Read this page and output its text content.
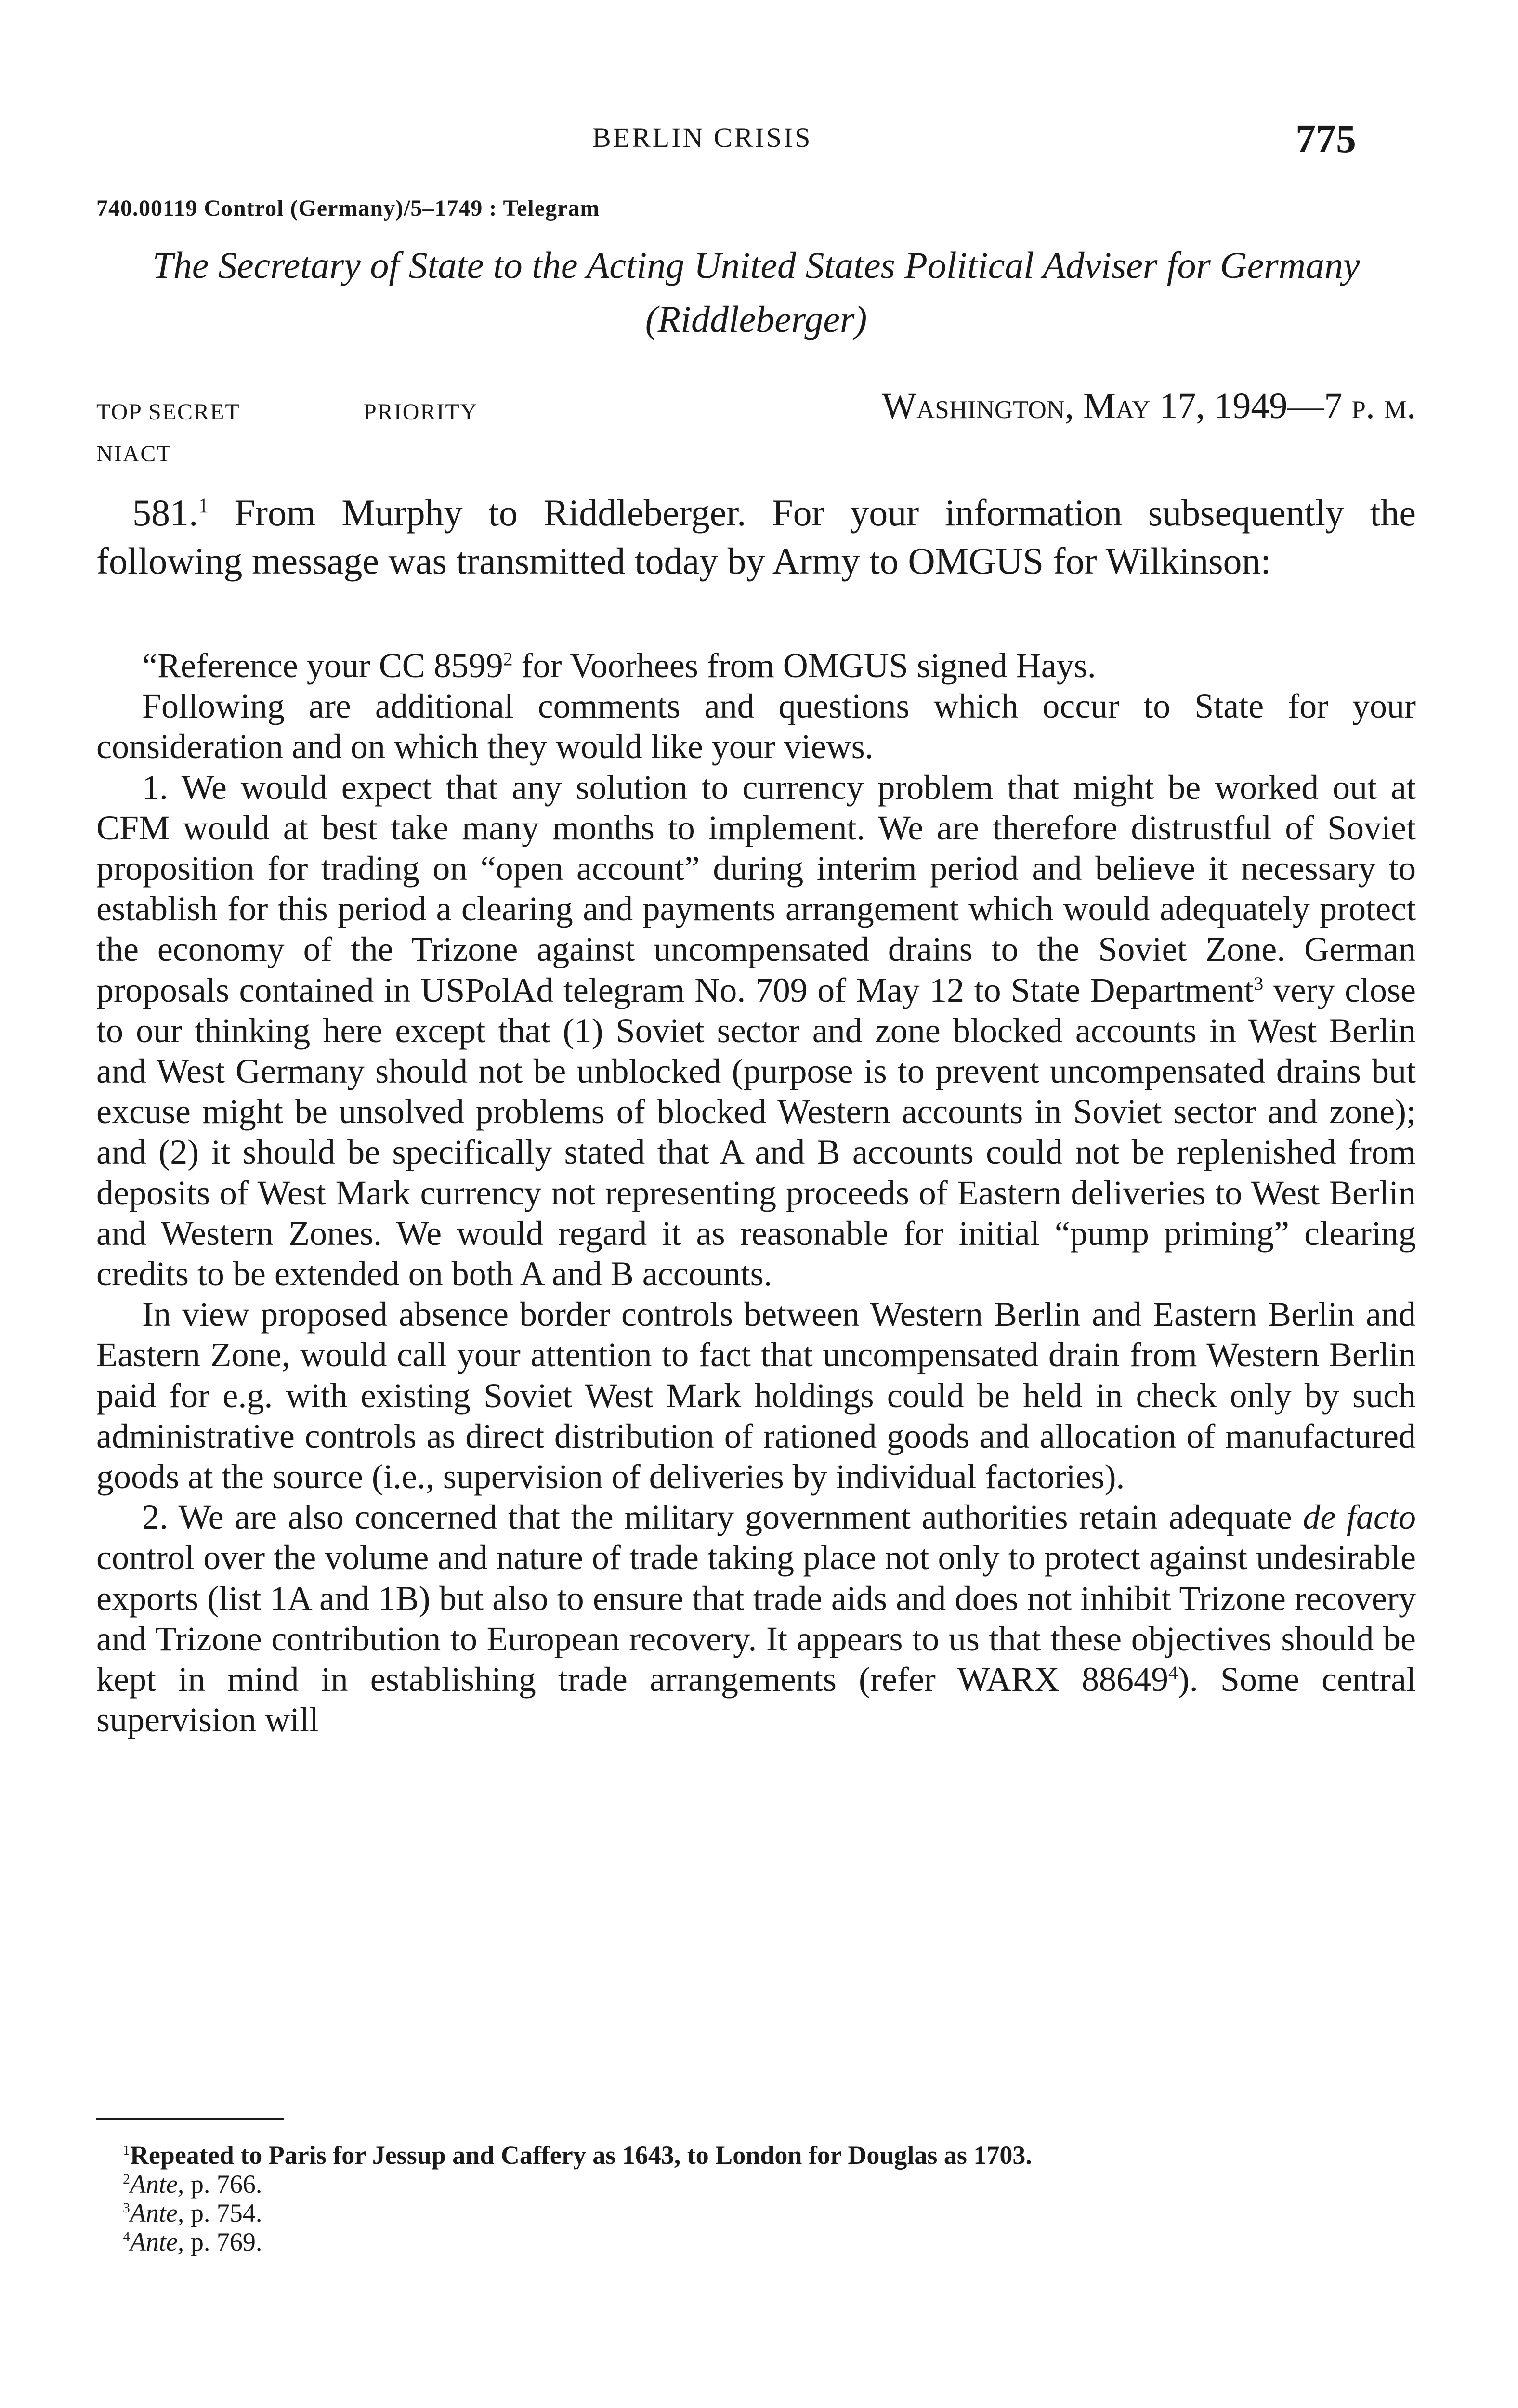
BERLIN CRISIS	775
740.00119 Control (Germany)/5–1749 : Telegram
The Secretary of State to the Acting United States Political Adviser for Germany (Riddleberger)
TOP SECRET	PRIORITY	Washington, May 17, 1949—7 p. m.
NIACT

581.$^1$ From Murphy to Riddleberger. For your information subsequently the following message was transmitted today by Army to OMGUS for Wilkinson:

“Reference your CC 8599$^2$ for Voorhees from OMGUS signed Hays.

Following are additional comments and questions which occur to State for your consideration and on which they would like your views.

1. We would expect that any solution to currency problem that might be worked out at CFM would at best take many months to implement. We are therefore distrustful of Soviet proposition for trading on “open account” during interim period and believe it necessary to establish for this period a clearing and payments arrangement which would adequately protect the economy of the Trizone against uncompensated drains to the Soviet Zone. German proposals contained in USPolAd telegram No. 709 of May 12 to State Department$^3$ very close to our thinking here except that (1) Soviet sector and zone blocked accounts in West Berlin and West Germany should not be unblocked (purpose is to prevent uncompensated drains but excuse might be unsolved problems of blocked Western accounts in Soviet sector and zone); and (2) it should be specifically stated that A and B accounts could not be replenished from deposits of West Mark currency not representing proceeds of Eastern deliveries to West Berlin and Western Zones. We would regard it as reasonable for initial “pump priming” clearing credits to be extended on both A and B accounts.

In view proposed absence border controls between Western Berlin and Eastern Berlin and Eastern Zone, would call your attention to fact that uncompensated drain from Western Berlin paid for e.g. with existing Soviet West Mark holdings could be held in check only by such administrative controls as direct distribution of rationed goods and allocation of manufactured goods at the source (i.e., supervision of deliveries by individual factories).

2. We are also concerned that the military government authorities retain adequate de facto control over the volume and nature of trade taking place not only to protect against undesirable exports (list 1A and 1B) but also to ensure that trade aids and does not inhibit Trizone recovery and Trizone contribution to European recovery. It appears to us that these objectives should be kept in mind in establishing trade arrangements (refer WARX 88649$^4$). Some central supervision will

$^1$Repeated to Paris for Jessup and Caffery as 1643, to London for Douglas as 1703.

$^2$Ante, p. 766.

$^3$Ante, p. 754.

$^4$Ante, p. 769.
